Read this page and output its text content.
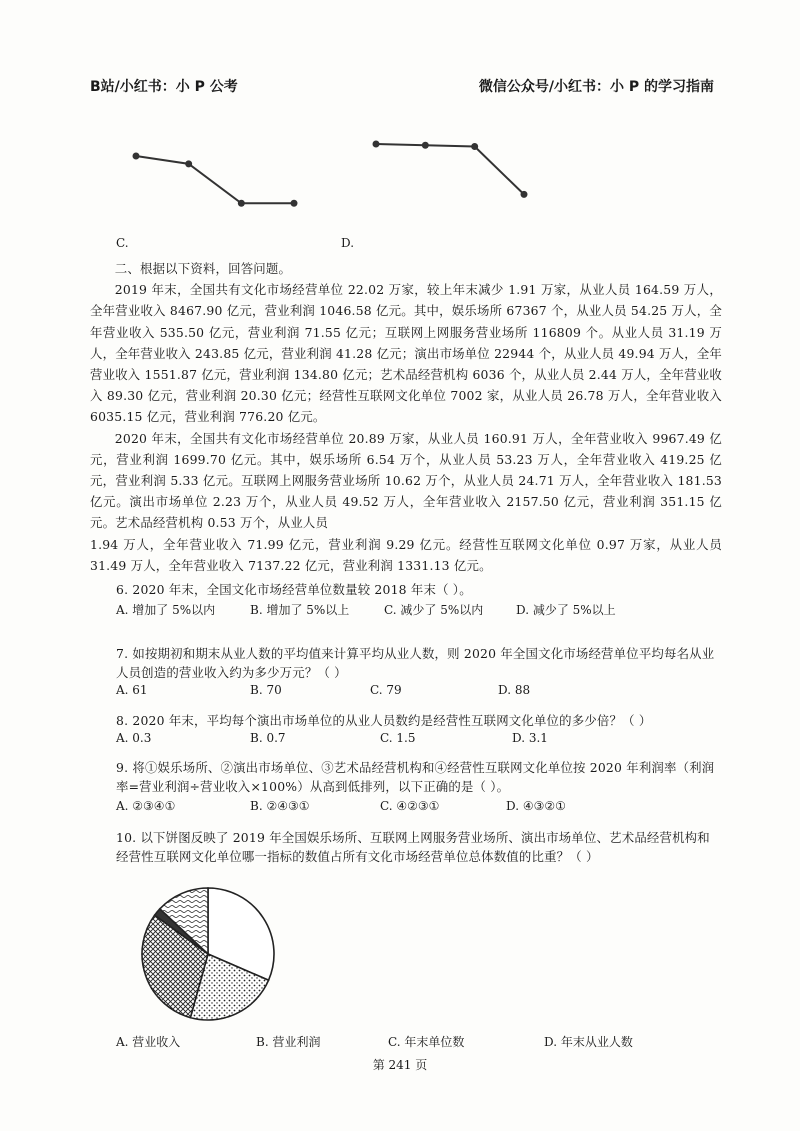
B站/小红书：小 P 公考	微信公众号/小红书：小 P 的学习指南
C.	D.

二、根据以下资料，回答问题。

2019 年末，全国共有文化市场经营单位 22.02 万家，较上年末减少 1.91 万家，从业人员 164.59 万人，全年营业收入 8467.90 亿元，营业利润 1046.58 亿元。其中，娱乐场所 67367 个，从业人员 54.25 万人，全年营业收入 535.50 亿元，营业利润 71.55 亿元；互联网上网服务营业场所 116809 个。从业人员 31.19 万人，全年营业收入 243.85 亿元，营业利润 41.28 亿元；演出市场单位 22944 个，从业人员 49.94 万人，全年营业收入 1551.87 亿元，营业利润 134.80 亿元；艺术品经营机构 6036 个，从业人员 2.44 万人，全年营业收入 89.30 亿元，营业利润 20.30 亿元；经营性互联网文化单位 7002 家，从业人员 26.78 万人，全年营业收入 6035.15 亿元，营业利润 776.20 亿元。

2020 年末，全国共有文化市场经营单位 20.89 万家，从业人员 160.91 万人，全年营业收入 9967.49 亿元，营业利润 1699.70 亿元。其中，娱乐场所 6.54 万个，从业人员 53.23 万人，全年营业收入 419.25 亿元，营业利润 5.33 亿元。互联网上网服务营业场所 10.62 万个，从业人员 24.71 万人，全年营业收入 181.53 亿元。演出市场单位 2.23 万个，从业人员 49.52 万人，全年营业收入 2157.50 亿元，营业利润 351.15 亿元。艺术品经营机构 0.53 万个，从业人员

1.94 万人，全年营业收入 71.99 亿元，营业利润 9.29 亿元。经营性互联网文化单位 0.97 万家，从业人员 31.49 万人，全年营业收入 7137.22 亿元，营业利润 1331.13 亿元。

6. 2020 年末，全国文化市场经营单位数量较 2018 年末（ ）。

A. 增加了 5%以内	B. 增加了 5%以上	C. 减少了 5%以内	D. 减少了 5%以上

7. 如按期初和期末从业人数的平均值来计算平均从业人数，则 2020 年全国文化市场经营单位平均每名从业人员创造的营业收入约为多少万元？（ ）

A. 61	B. 70	C. 79	D. 88

8. 2020 年末，平均每个演出市场单位的从业人员数约是经营性互联网文化单位的多少倍？（ ）

A. 0.3	B. 0.7	C. 1.5	D. 3.1

9. 将①娱乐场所、②演出市场单位、③艺术品经营机构和④经营性互联网文化单位按 2020 年利润率（利润率=营业利润÷营业收入×100%）从高到低排列，以下正确的是（ ）。

A. ②③④①	B. ②④③①	C. ④②③①	D. ④③②①

10. 以下饼图反映了 2019 年全国娱乐场所、互联网上网服务营业场所、演出市场单位、艺术品经营机构和经营性互联网文化单位哪一指标的数值占所有文化市场经营单位总体数值的比重？（ ）

A. 营业收入	B. 营业利润	C. 年末单位数	D. 年末从业人数
第 241 页
